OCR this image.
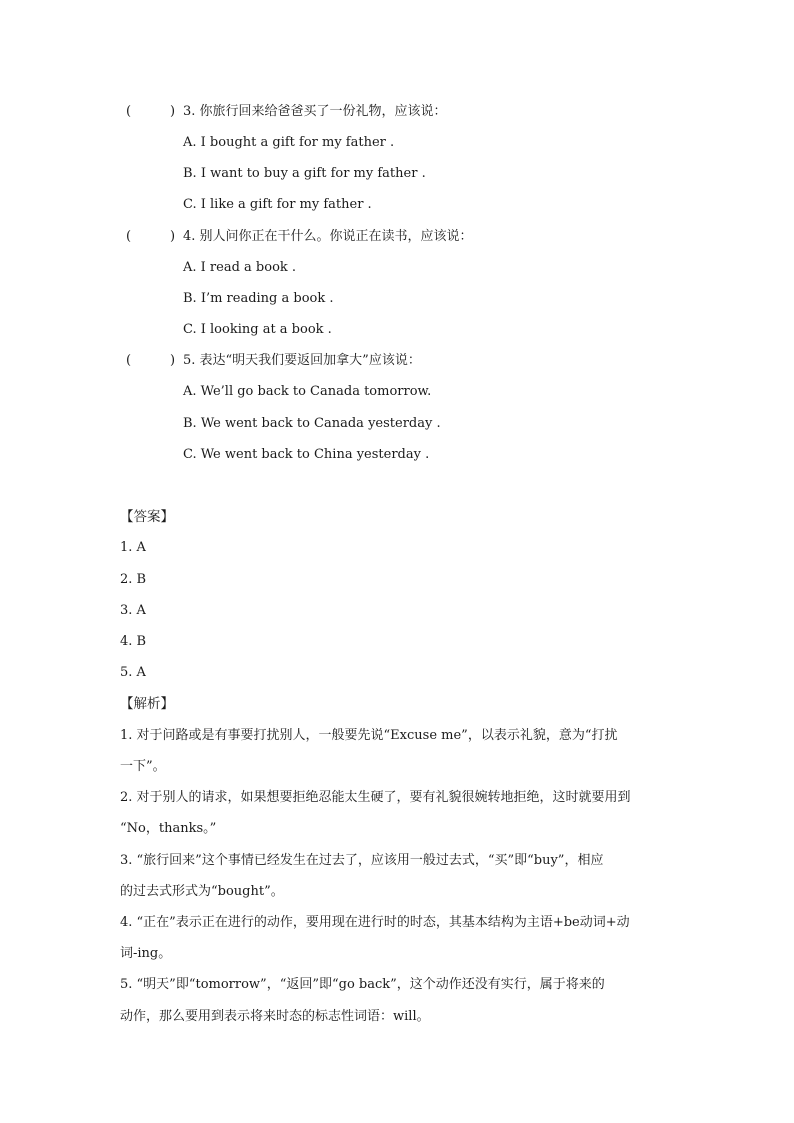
(	) 3. 你旅行回来给爸爸买了一份礼物，应该说：
A. I bought a gift for my father .
B. I want to buy a gift for my father .
C. I like a gift for my father .
(	) 4. 别人问你正在干什么。你说正在读书，应该说：
A. I read a book .
B. I’m reading a book .
C. I looking at a book .
(	) 5. 表达“明天我们要返回加拿大”应该说：
A. We’ll go back to Canada tomorrow.
B. We went back to Canada yesterday .
C. We went back to China yesterday .
【答案】
1. A
2. B
3. A
4. B
5. A
【解析】
1. 对于问路或是有事要打扰别人，一般要先说“Excuse me”，以表示礼貌，意为“打扰
一下”。
2. 对于别人的请求，如果想要拒绝忍能太生硬了，要有礼貌很婉转地拒绝，这时就要用到
“No，thanks。”
3. “旅行回来”这个事情已经发生在过去了，应该用一般过去式，“买”即“buy”，相应
的过去式形式为“bought”。
4. “正在”表示正在进行的动作，要用现在进行时的时态，其基本结构为主语+be动词+动
词-ing。
5. “明天”即“tomorrow”，“返回”即“go back”，这个动作还没有实行，属于将来的
动作，那么要用到表示将来时态的标志性词语：will。
